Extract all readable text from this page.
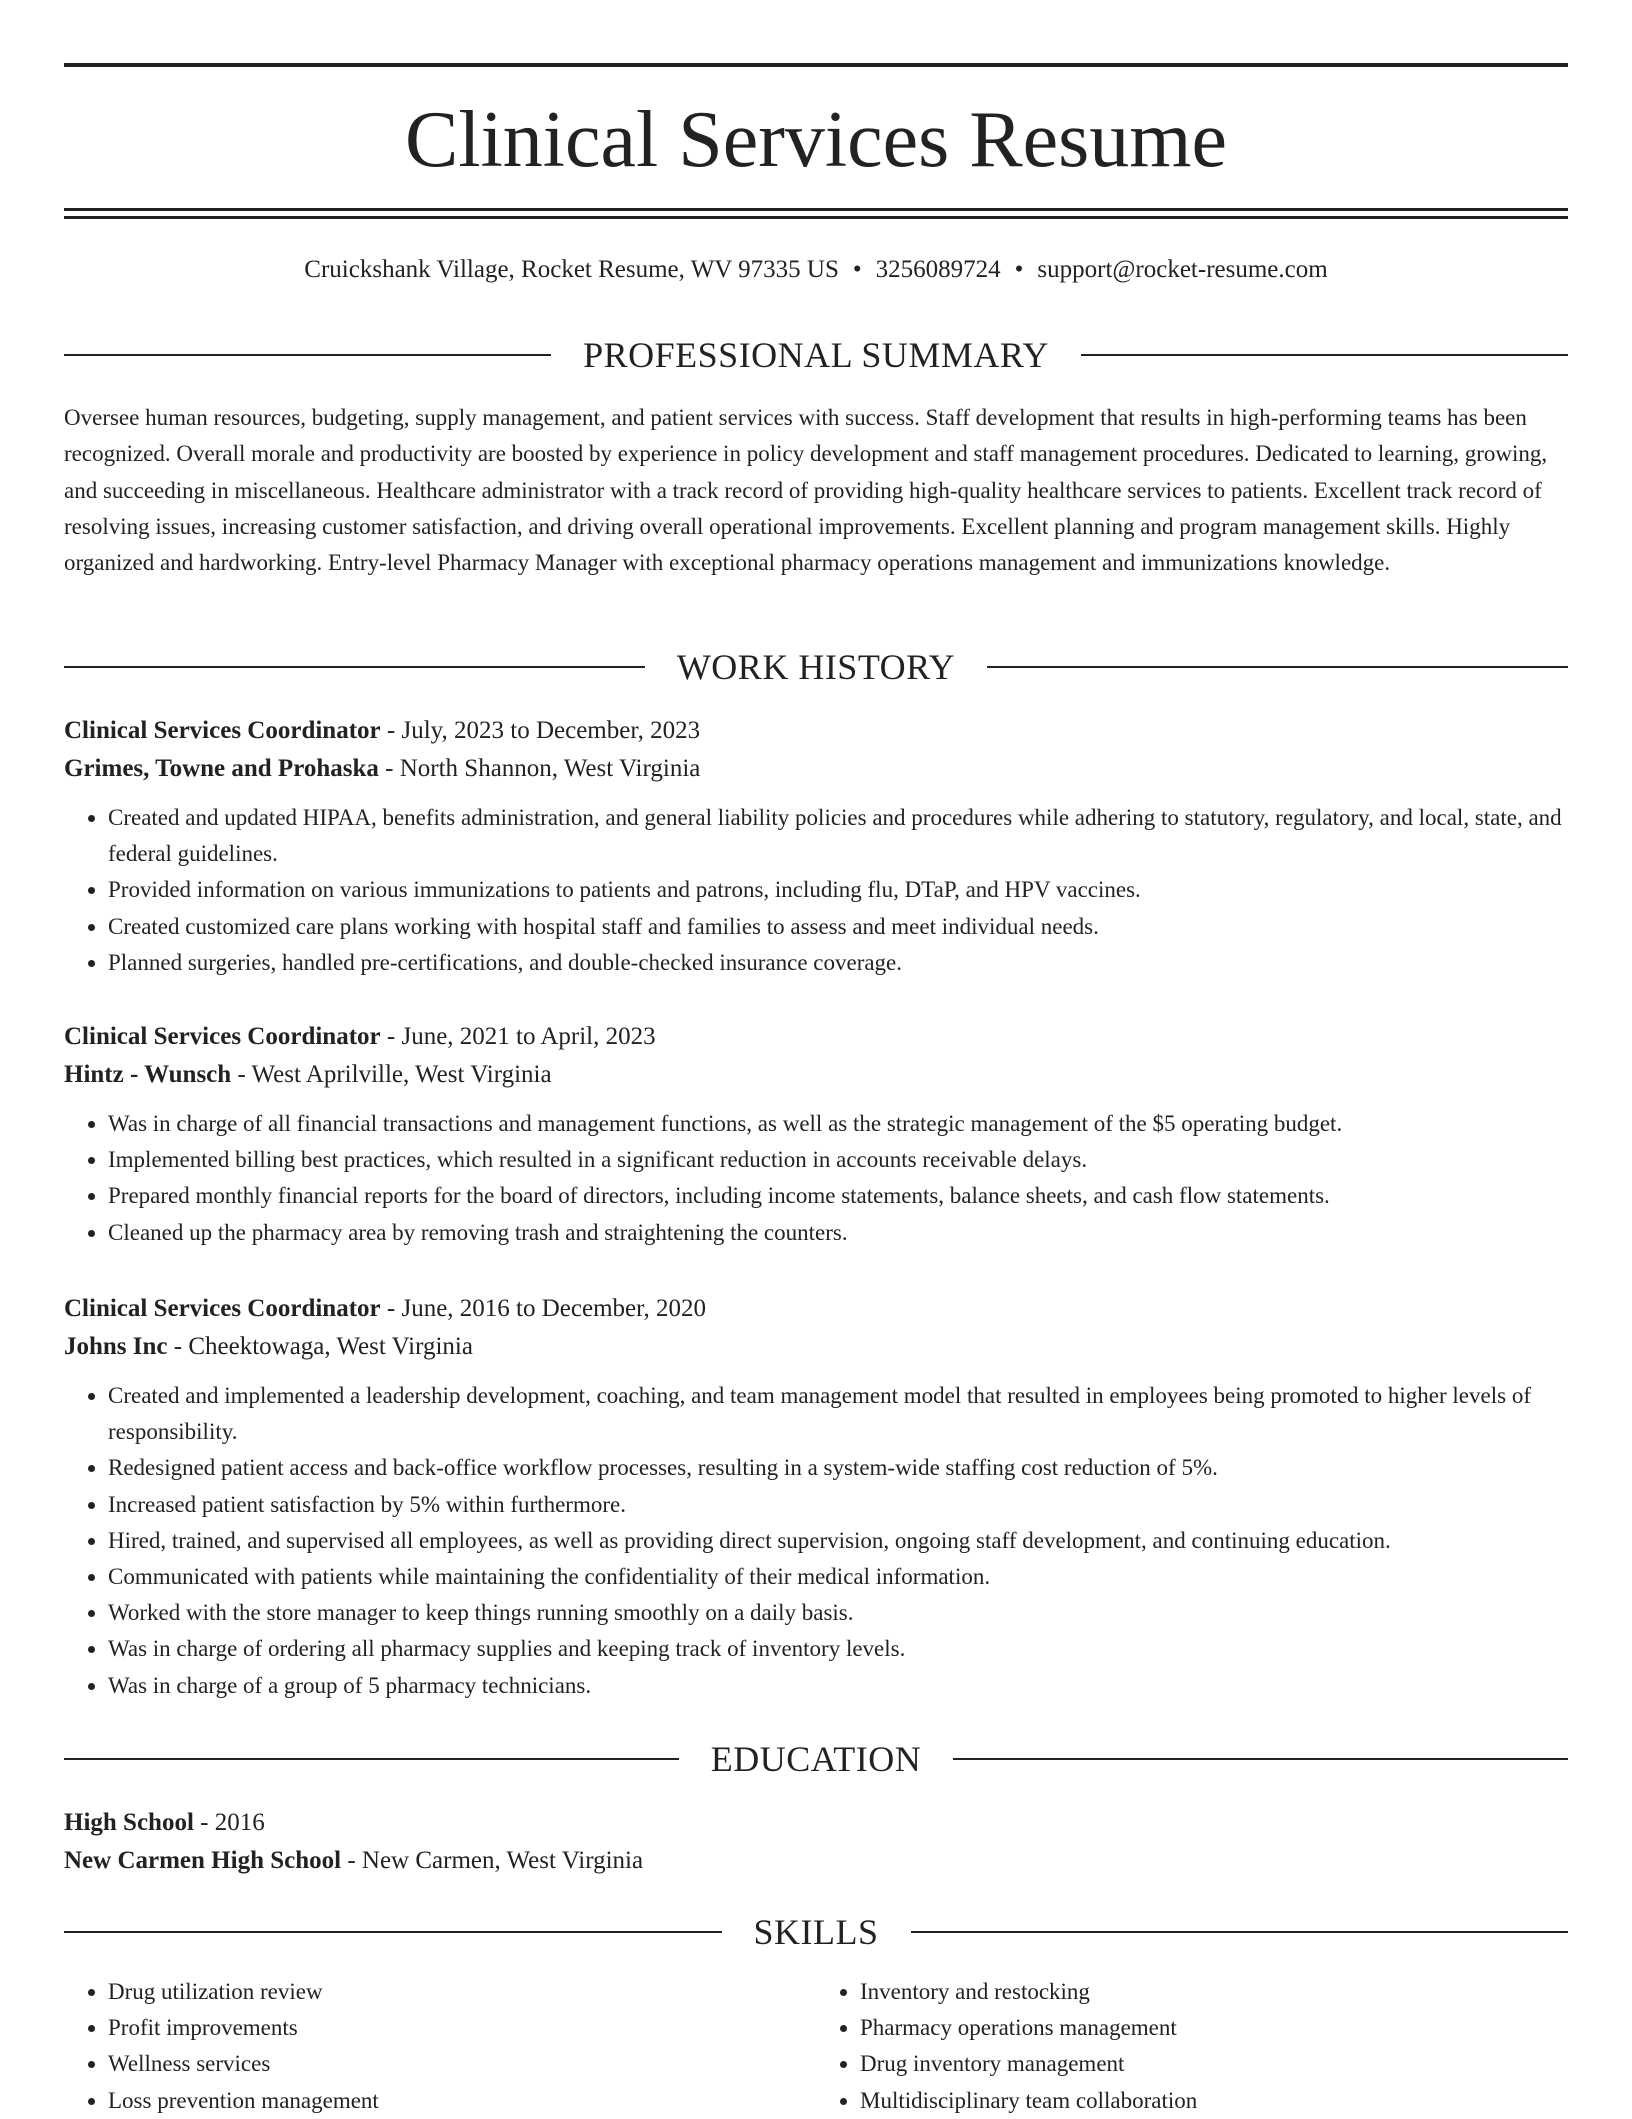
Clinical Services Resume
Cruickshank Village, Rocket Resume, WV 97335 US • 3256089724 • support@rocket-resume.com
PROFESSIONAL SUMMARY

Oversee human resources, budgeting, supply management, and patient services with success. Staff development that results in high-performing teams has been recognized. Overall morale and productivity are boosted by experience in policy development and staff management procedures. Dedicated to learning, growing, and succeeding in miscellaneous. Healthcare administrator with a track record of providing high-quality healthcare services to patients. Excellent track record of resolving issues, increasing customer satisfaction, and driving overall operational improvements. Excellent planning and program management skills. Highly organized and hardworking. Entry-level Pharmacy Manager with exceptional pharmacy operations management and immunizations knowledge.

WORK HISTORY
Clinical Services Coordinator - July, 2023 to December, 2023
Grimes, Towne and Prohaska - North Shannon, West Virginia
• Created and updated HIPAA, benefits administration, and general liability policies and procedures while adhering to statutory, regulatory, and local, state, and federal guidelines.
• Provided information on various immunizations to patients and patrons, including flu, DTaP, and HPV vaccines.
• Created customized care plans working with hospital staff and families to assess and meet individual needs.
• Planned surgeries, handled pre-certifications, and double-checked insurance coverage.
Clinical Services Coordinator - June, 2021 to April, 2023
Hintz - Wunsch - West Aprilville, West Virginia
• Was in charge of all financial transactions and management functions, as well as the strategic management of the $5 operating budget.
• Implemented billing best practices, which resulted in a significant reduction in accounts receivable delays.
• Prepared monthly financial reports for the board of directors, including income statements, balance sheets, and cash flow statements.
• Cleaned up the pharmacy area by removing trash and straightening the counters.
Clinical Services Coordinator - June, 2016 to December, 2020
Johns Inc - Cheektowaga, West Virginia
• Created and implemented a leadership development, coaching, and team management model that resulted in employees being promoted to higher levels of responsibility.
• Redesigned patient access and back-office workflow processes, resulting in a system-wide staffing cost reduction of 5%.
• Increased patient satisfaction by 5% within furthermore.
• Hired, trained, and supervised all employees, as well as providing direct supervision, ongoing staff development, and continuing education.
• Communicated with patients while maintaining the confidentiality of their medical information.
• Worked with the store manager to keep things running smoothly on a daily basis.
• Was in charge of ordering all pharmacy supplies and keeping track of inventory levels.
• Was in charge of a group of 5 pharmacy technicians.
EDUCATION
High School - 2016
New Carmen High School - New Carmen, West Virginia
SKILLS
• Drug utilization review
• Profit improvements
• Wellness services
• Loss prevention management
• Inventory and restocking
• Pharmacy operations management
• Drug inventory management
• Multidisciplinary team collaboration
